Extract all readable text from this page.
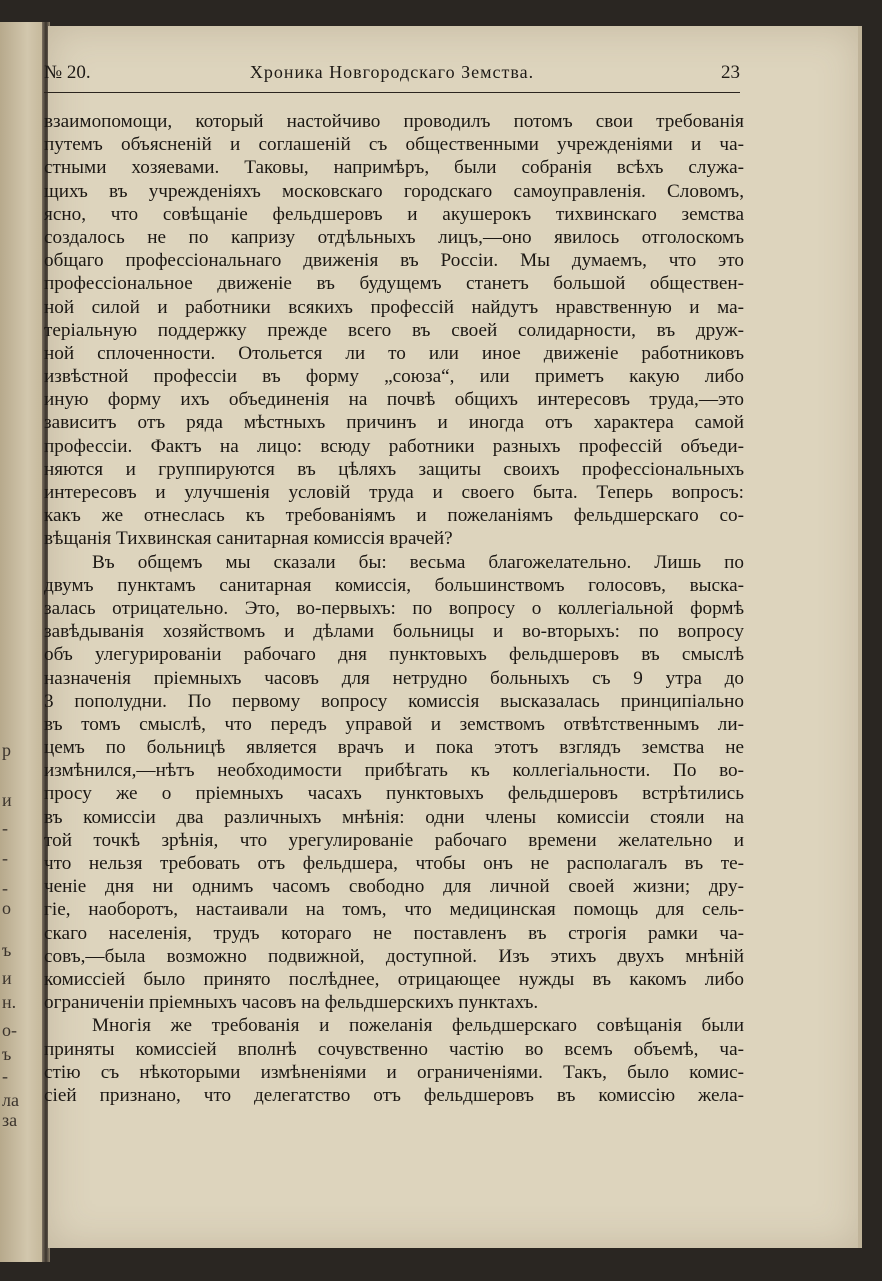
р
и
-
-
-
о
ъ
и
н.
о-
ъ
-
ла
за
№ 20.	Хроника Новгородскаго Земства.	23
взаимопомощи, который настойчиво проводилъ потомъ свои требованія
путемъ объясненій и соглашеній съ общественными учрежденіями и ча-
стными хозяевами. Таковы, напримѣръ, были собранія всѣхъ служа-
щихъ въ учрежденіяхъ московскаго городскаго самоуправленія. Словомъ,
ясно, что совѣщаніе фельдшеровъ и акушерокъ тихвинскаго земства
создалось не по капризу отдѣльныхъ лицъ,—оно явилось отголоскомъ
общаго профессіональнаго движенія въ Россіи. Мы думаемъ, что это
профессіональное движеніе въ будущемъ станетъ большой обществен-
ной силой и работники всякихъ профессій найдутъ нравственную и ма-
теріальную поддержку прежде всего въ своей солидарности, въ друж-
ной сплоченности. Отольется ли то или иное движеніе работниковъ
извѣстной профессіи въ форму „союза“, или приметъ какую либо
иную форму ихъ объединенія на почвѣ общихъ интересовъ труда,—это
зависитъ отъ ряда мѣстныхъ причинъ и иногда отъ характера самой
профессіи. Фактъ на лицо: всюду работники разныхъ профессій объеди-
няются и группируются въ цѣляхъ защиты своихъ профессіональныхъ
интересовъ и улучшенія условій труда и своего быта. Теперь вопросъ:
какъ же отнеслась къ требованіямъ и пожеланіямъ фельдшерскаго со-
вѣщанія Тихвинская санитарная комиссія врачей?
Въ общемъ мы сказали бы: весьма благожелательно. Лишь по
двумъ пунктамъ санитарная комиссія, большинствомъ голосовъ, выска-
залась отрицательно. Это, во-первыхъ: по вопросу о коллегіальной формѣ
завѣдыванія хозяйствомъ и дѣлами больницы и во-вторыхъ: по вопросу
объ улегурированіи рабочаго дня пунктовыхъ фельдшеровъ въ смыслѣ
назначенія пріемныхъ часовъ для нетрудно больныхъ съ 9 утра до
3 пополудни. По первому вопросу комиссія высказалась принципіально
въ томъ смыслѣ, что передъ управой и земствомъ отвѣтственнымъ ли-
цемъ по больницѣ является врачъ и пока этотъ взглядъ земства не
измѣнился,—нѣтъ необходимости прибѣгать къ коллегіальности. По во-
просу же о пріемныхъ часахъ пунктовыхъ фельдшеровъ встрѣтились
въ комиссіи два различныхъ мнѣнія: одни члены комиссіи стояли на
той точкѣ зрѣнія, что урегулированіе рабочаго времени желательно и
что нельзя требовать отъ фельдшера, чтобы онъ не располагалъ въ те-
ченіе дня ни однимъ часомъ свободно для личной своей жизни; дру-
гіе, наоборотъ, настаивали на томъ, что медицинская помощь для сель-
скаго населенія, трудъ котораго не поставленъ въ строгія рамки ча-
совъ,—была возможно подвижной, доступной. Изъ этихъ двухъ мнѣній
комиссіей было принято послѣднее, отрицающее нужды въ какомъ либо
ограниченіи пріемныхъ часовъ на фельдшерскихъ пунктахъ.
Многія же требованія и пожеланія фельдшерскаго совѣщанія были
приняты комиссіей вполнѣ сочувственно частію во всемъ объемѣ, ча-
стію съ нѣкоторыми измѣненіями и ограниченіями. Такъ, было комис-
сіей признано, что делегатство отъ фельдшеровъ въ комиссію жела-
